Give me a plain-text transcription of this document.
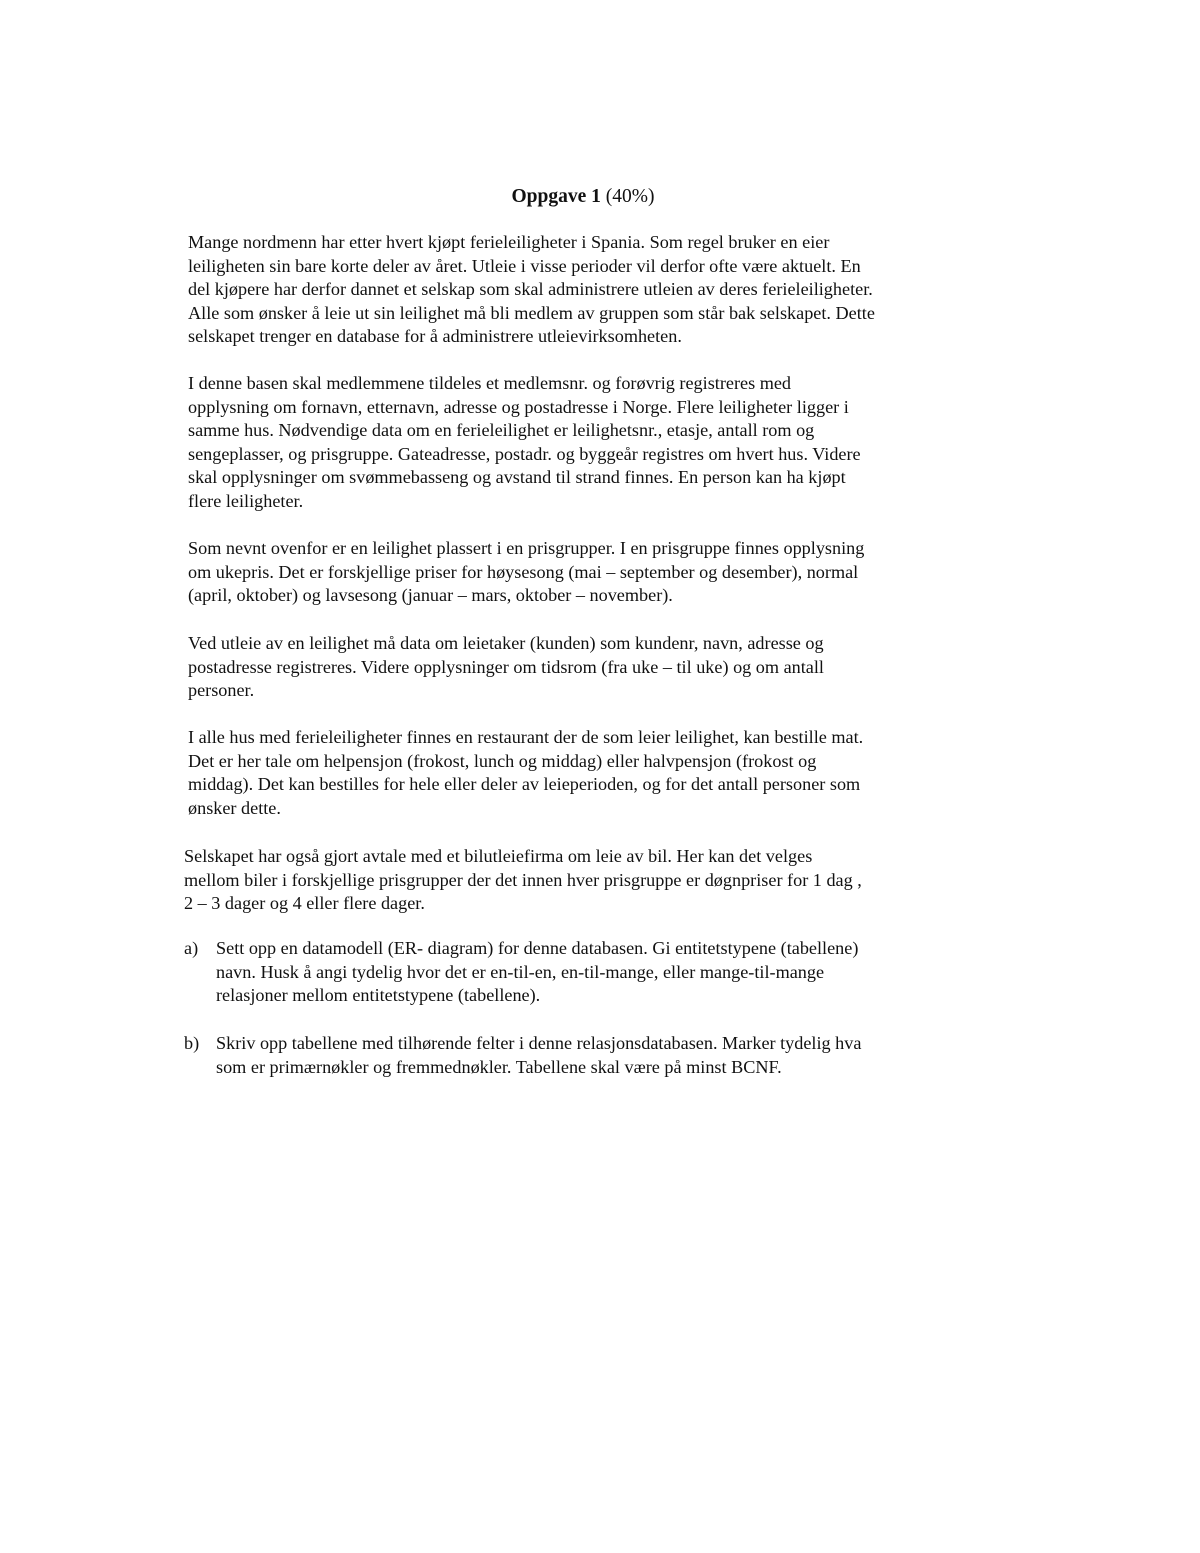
Oppgave 1 (40%)

Mange nordmenn har etter hvert kjøpt ferieleiligheter i Spania. Som regel bruker en eier
leiligheten sin bare korte deler av året. Utleie i visse perioder vil derfor ofte være aktuelt. En
del kjøpere har derfor dannet et selskap som skal administrere utleien av deres ferieleiligheter.
Alle som ønsker å leie ut sin leilighet må bli medlem av gruppen som står bak selskapet. Dette
selskapet trenger en database for å administrere utleievirksomheten.

I denne basen skal medlemmene tildeles et medlemsnr. og forøvrig registreres med
opplysning om fornavn, etternavn, adresse og postadresse i Norge. Flere leiligheter ligger i
samme hus. Nødvendige data om en ferieleilighet er leilighetsnr., etasje, antall rom og
sengeplasser, og prisgruppe. Gateadresse, postadr. og byggeår registres om hvert hus. Videre
skal opplysninger om svømmebasseng og avstand til strand finnes. En person kan ha kjøpt
flere leiligheter.

Som nevnt ovenfor er en leilighet plassert i en prisgrupper. I en prisgruppe finnes opplysning
om ukepris. Det er forskjellige priser for høysesong (mai – september og desember), normal
(april, oktober) og lavsesong (januar – mars, oktober – november).

Ved utleie av en leilighet må data om leietaker (kunden) som kundenr, navn, adresse og
postadresse registreres. Videre opplysninger om tidsrom (fra uke – til uke) og om antall
personer.

I alle hus med ferieleiligheter finnes en restaurant der de som leier leilighet, kan bestille mat.
Det er her tale om helpensjon (frokost, lunch og middag) eller halvpensjon (frokost og
middag). Det kan bestilles for hele eller deler av leieperioden, og for det antall personer som
ønsker dette.

Selskapet har også gjort avtale med et bilutleiefirma om leie av bil. Her kan det velges
mellom biler i forskjellige prisgrupper der det innen hver prisgruppe er døgnpriser for 1 dag ,
2 – 3 dager og 4 eller flere dager.

a) Sett opp en datamodell (ER- diagram) for denne databasen. Gi entitetstypene (tabellene)
navn. Husk å angi tydelig hvor det er en-til-en, en-til-mange, eller mange-til-mange
relasjoner mellom entitetstypene (tabellene).

b) Skriv opp tabellene med tilhørende felter i denne relasjonsdatabasen. Marker tydelig hva
som er primærnøkler og fremmednøkler. Tabellene skal være på minst BCNF.
